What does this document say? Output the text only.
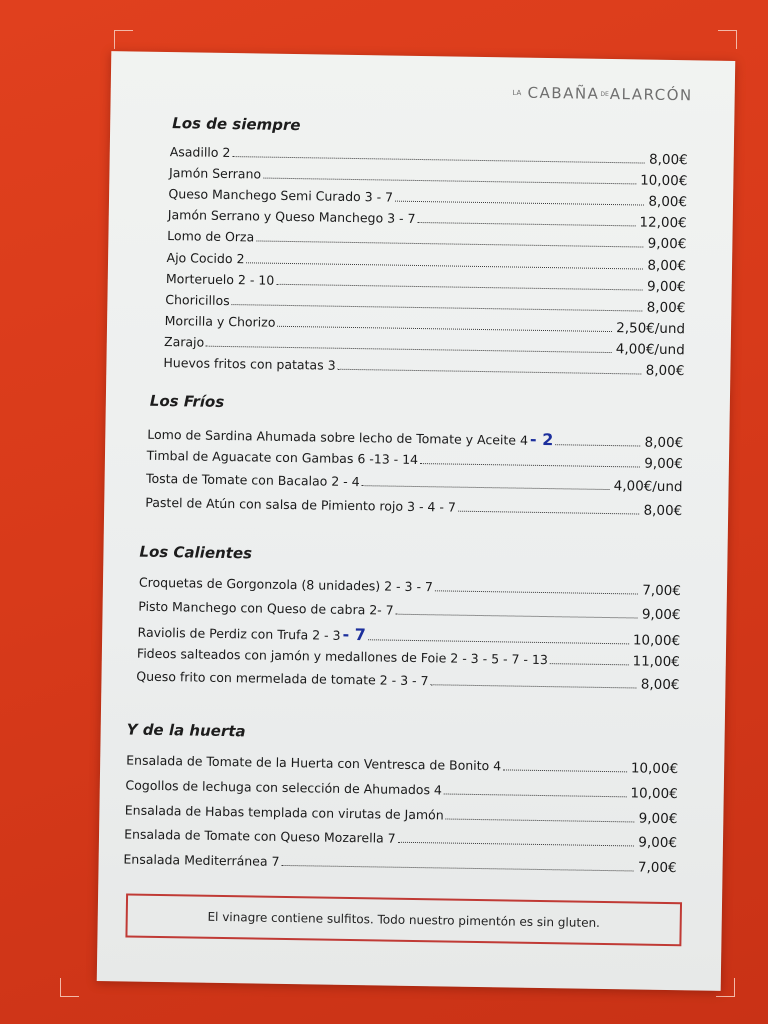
LA CABAÑADEALARCÓN
Los de siempre
Asadillo 2	8,00€
Jamón Serrano	10,00€
Queso Manchego Semi Curado 3 - 7	8,00€
Jamón Serrano y Queso Manchego 3 - 7	12,00€
Lomo de Orza	9,00€
Ajo Cocido 2	8,00€
Morteruelo 2 - 10	9,00€
Choricillos	8,00€
Morcilla y Chorizo	2,50€/und
Zarajo	4,00€/und
Huevos fritos con patatas 3	8,00€
Los Fríos
Lomo de Sardina Ahumada sobre lecho de Tomate y Aceite 4 - 2	8,00€
Timbal de Aguacate con Gambas 6 -13 - 14	9,00€
Tosta de Tomate con Bacalao 2 - 4	4,00€/und
Pastel de Atún con salsa de Pimiento rojo 3 - 4 - 7	8,00€
Los Calientes
Croquetas de Gorgonzola (8 unidades) 2 - 3 - 7	7,00€
Pisto Manchego con Queso de cabra 2- 7	9,00€
Raviolis de Perdiz con Trufa 2 - 3 - 7	10,00€
Fideos salteados con jamón y medallones de Foie 2 - 3 - 5 - 7 - 13	11,00€
Queso frito con mermelada de tomate 2 - 3 - 7	8,00€
Y de la huerta
Ensalada de Tomate de la Huerta con Ventresca de Bonito 4	10,00€
Cogollos de lechuga con selección de Ahumados 4	10,00€
Ensalada de Habas templada con virutas de Jamón	9,00€
Ensalada de Tomate con Queso Mozarella 7	9,00€
Ensalada Mediterránea 7	7,00€
El vinagre contiene sulfitos. Todo nuestro pimentón es sin gluten.
